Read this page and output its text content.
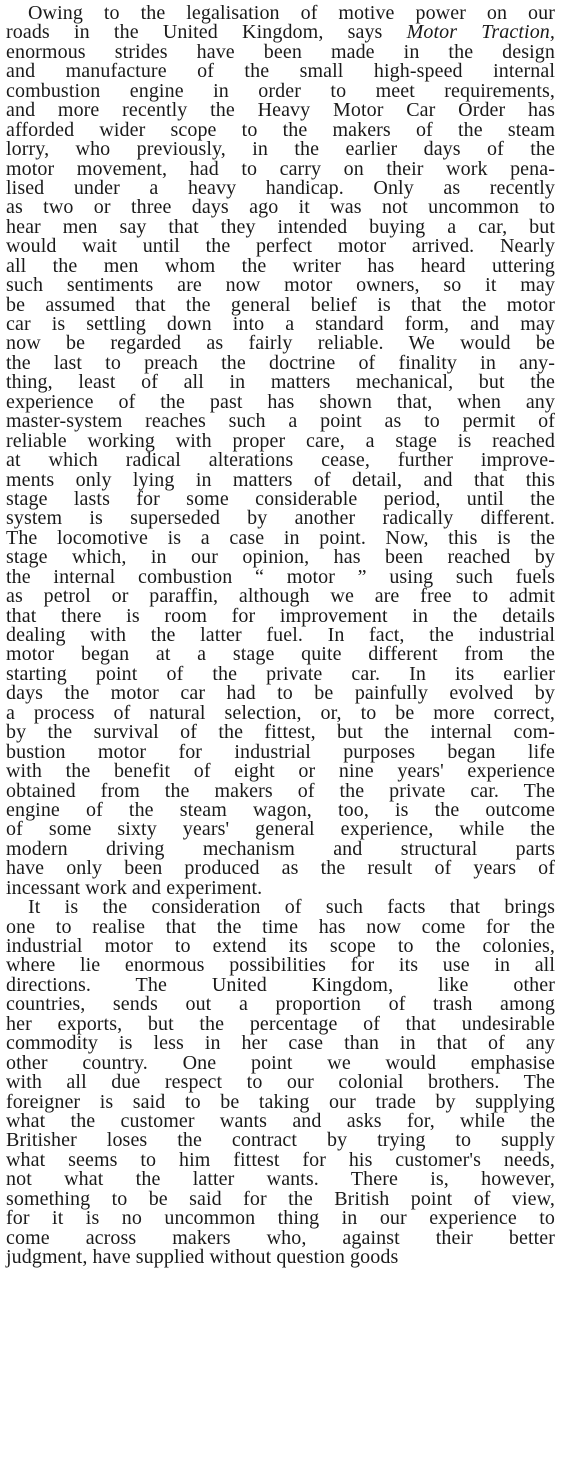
Owing to the legalisation of motive power on our
roads in the United Kingdom, says Motor Traction,
enormous strides have been made in the design
and manufacture of the small high-speed internal
combustion engine in order to meet requirements,
and more recently the Heavy Motor Car Order has
afforded wider scope to the makers of the steam
lorry, who previously, in the earlier days of the
motor movement, had to carry on their work pena-
lised under a heavy handicap. Only as recently
as two or three days ago it was not uncommon to
hear men say that they intended buying a car, but
would wait until the perfect motor arrived. Nearly
all the men whom the writer has heard uttering
such sentiments are now motor owners, so it may
be assumed that the general belief is that the motor
car is settling down into a standard form, and may
now be regarded as fairly reliable. We would be
the last to preach the doctrine of finality in any-
thing, least of all in matters mechanical, but the
experience of the past has shown that, when any
master-system reaches such a point as to permit of
reliable working with proper care, a stage is reached
at which radical alterations cease, further improve-
ments only lying in matters of detail, and that this
stage lasts for some considerable period, until the
system is superseded by another radically different.
The locomotive is a case in point. Now, this is the
stage which, in our opinion, has been reached by
the internal combustion “ motor ” using such fuels
as petrol or paraffin, although we are free to admit
that there is room for improvement in the details
dealing with the latter fuel. In fact, the industrial
motor began at a stage quite different from the
starting point of the private car. In its earlier
days the motor car had to be painfully evolved by
a process of natural selection, or, to be more correct,
by the survival of the fittest, but the internal com-
bustion motor for industrial purposes began life
with the benefit of eight or nine years' experience
obtained from the makers of the private car. The
engine of the steam wagon, too, is the outcome
of some sixty years' general experience, while the
modern driving mechanism and structural parts
have only been produced as the result of years of
incessant work and experiment.
It is the consideration of such facts that brings
one to realise that the time has now come for the
industrial motor to extend its scope to the colonies,
where lie enormous possibilities for its use in all
directions. The United Kingdom, like other
countries, sends out a proportion of trash among
her exports, but the percentage of that undesirable
commodity is less in her case than in that of any
other country. One point we would emphasise
with all due respect to our colonial brothers. The
foreigner is said to be taking our trade by supplying
what the customer wants and asks for, while the
Britisher loses the contract by trying to supply
what seems to him fittest for his customer's needs,
not what the latter wants. There is, however,
something to be said for the British point of view,
for it is no uncommon thing in our experience to
come across makers who, against their better
judgment, have supplied without question goods
